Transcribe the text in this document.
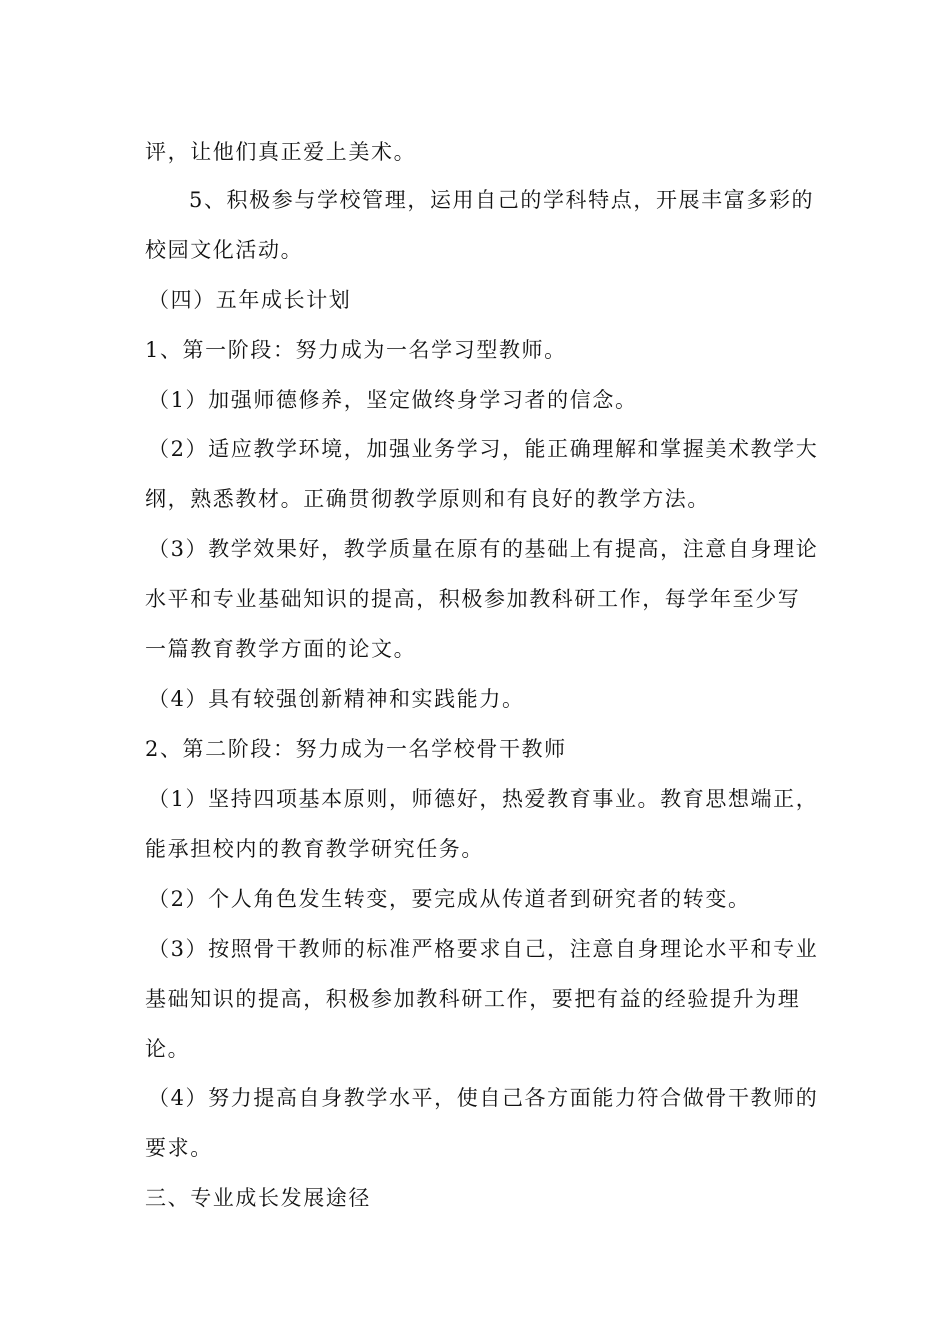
评，让他们真正爱上美术。
5、积极参与学校管理，运用自己的学科特点，开展丰富多彩的
校园文化活动。
（四）五年成长计划
1、第一阶段：努力成为一名学习型教师。
（1）加强师德修养，坚定做终身学习者的信念。
（2）适应教学环境，加强业务学习，能正确理解和掌握美术教学大
纲，熟悉教材。正确贯彻教学原则和有良好的教学方法。
（3）教学效果好，教学质量在原有的基础上有提高，注意自身理论
水平和专业基础知识的提高，积极参加教科研工作，每学年至少写
一篇教育教学方面的论文。
（4）具有较强创新精神和实践能力。
2、第二阶段：努力成为一名学校骨干教师
（1）坚持四项基本原则，师德好，热爱教育事业。教育思想端正，
能承担校内的教育教学研究任务。
（2）个人角色发生转变，要完成从传道者到研究者的转变。
（3）按照骨干教师的标准严格要求自己，注意自身理论水平和专业
基础知识的提高，积极参加教科研工作，要把有益的经验提升为理
论。
（4）努力提高自身教学水平，使自己各方面能力符合做骨干教师的
要求。
三、专业成长发展途径
